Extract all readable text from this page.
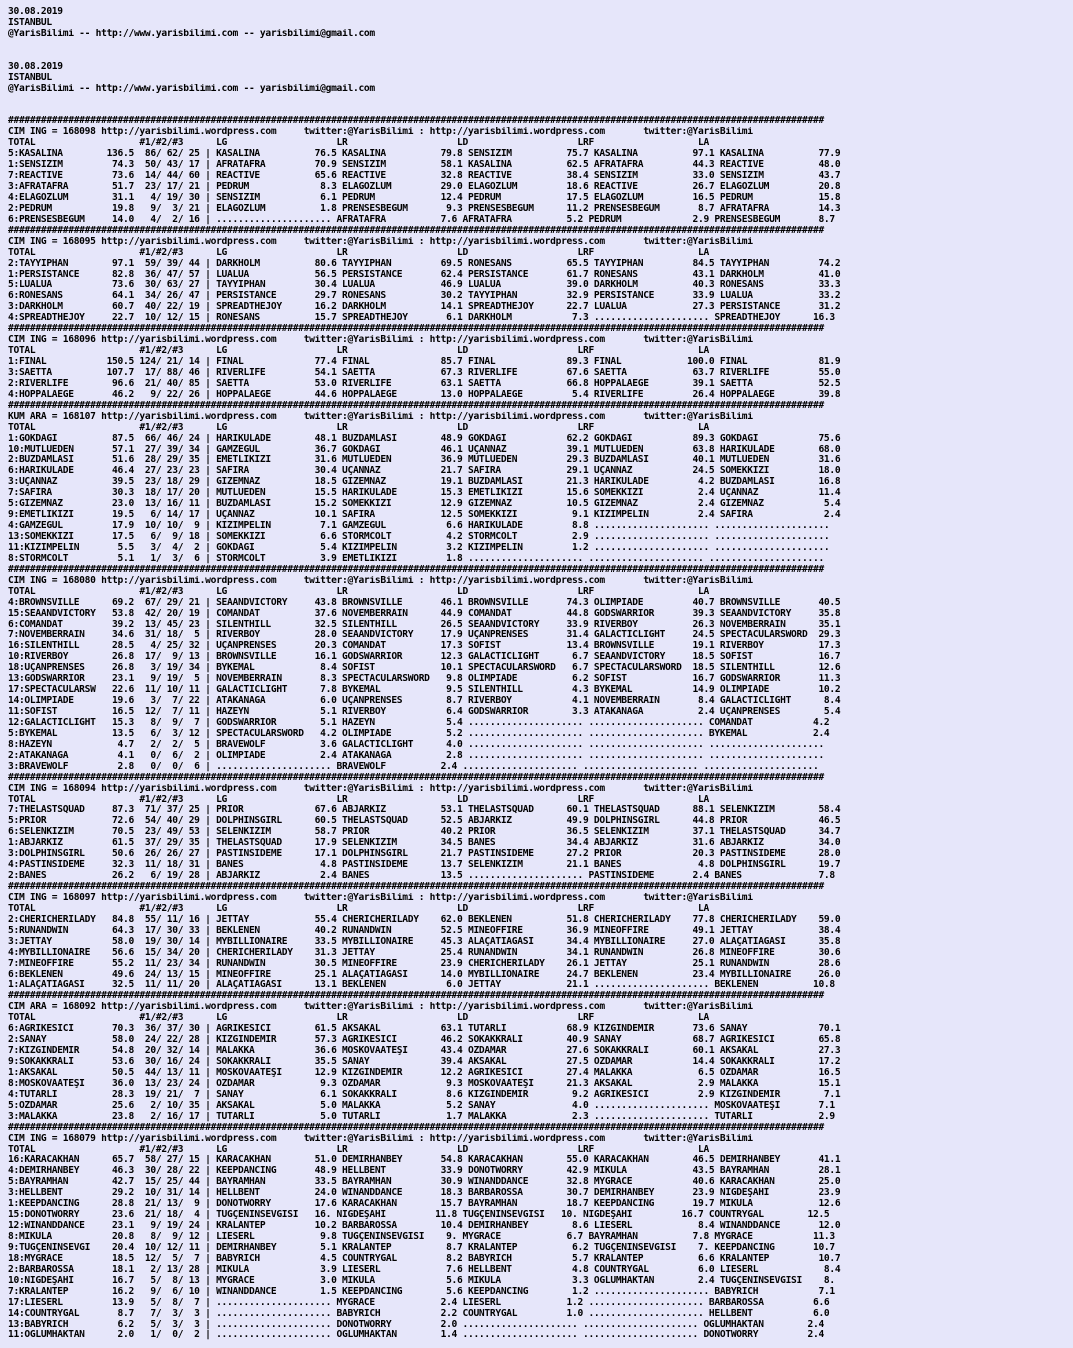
30.08.2019
ISTANBUL
@YarisBilimi -- http://www.yarisbilimi.com -- yarisbilimi@gmail.com

30.08.2019
ISTANBUL
@YarisBilimi -- http://www.yarisbilimi.com -- yarisbilimi@gmail.com

#####################################################################################################################################################
CIM ING = 168098 http://yarisbilimi.wordpress.com     twitter:@YarisBilimi : http://yarisbilimi.wordpress.com       twitter:@YarisBilimi
TOTAL                   #1/#2/#3      LG                    LR                    LD                    LRF                   LA
5:KASALINA        136.5  86/ 62/ 25 | KASALINA          76.5 KASALINA          79.8 SENSİZİM          75.7 KASALINA          97.1 KASALINA          77.9
1:SENSİZİM         74.3  50/ 43/ 17 | AFRATAFRA         70.9 SENSİZİM          58.1 KASALINA          62.5 AFRATAFRA         44.3 REACTİVE          48.0
7:REACTİVE         73.6  14/ 44/ 60 | REACTİVE          65.6 REACTİVE          32.8 REACTİVE          38.4 SENSİZİM          33.0 SENSİZİM          43.7
3:AFRATAFRA        51.7  23/ 17/ 21 | PEDRUM             8.3 ELAGOZLUM         29.0 ELAGOZLUM         18.6 REACTİVE          26.7 ELAGOZLUM         20.8
4:ELAGOZLUM        31.1   4/ 19/ 30 | SENSİZİM           6.1 PEDRUM            12.4 PEDRUM            17.5 ELAGOZLUM         16.5 PEDRUM            15.8
2:PEDRUM           19.8   9/  3/ 21 | ELAGOZLUM          1.8 PRENSESBEGÜM       9.3 PRENSESBEGÜM      11.2 PRENSESBEGÜM       8.7 AFRATAFRA         14.3
6:PRENSESBEGÜM     14.0   4/  2/ 16 | ..................... AFRATAFRA          7.6 AFRATAFRA          5.2 PEDRUM             2.9 PRENSESBEGÜM       8.7
#####################################################################################################################################################
CIM ING = 168095 http://yarisbilimi.wordpress.com     twitter:@YarisBilimi : http://yarisbilimi.wordpress.com       twitter:@YarisBilimi
TOTAL                   #1/#2/#3      LG                    LR                    LD                    LRF                   LA
2:TAYYİPHAN        97.1  59/ 39/ 44 | DARKHOLM          80.6 TAYYİPHAN         69.5 RONESANS          65.5 TAYYİPHAN         84.5 TAYYİPHAN         74.2
1:PERSISTANCE      82.8  36/ 47/ 57 | LUALUA            56.5 PERSISTANCE       62.4 PERSISTANCE       61.7 RONESANS          43.1 DARKHOLM          41.0
5:LUALUA           73.6  30/ 63/ 27 | TAYYİPHAN         30.4 LUALUA            46.9 LUALUA            39.0 DARKHOLM          40.3 RONESANS          33.3
6:RONESANS         64.1  34/ 26/ 47 | PERSISTANCE       29.7 RONESANS          30.2 TAYYİPHAN         32.9 PERSISTANCE       33.9 LUALUA            33.2
3:DARKHOLM         60.7  40/ 22/ 19 | SPREADTHEJOY      16.2 DARKHOLM          14.1 SPREADTHEJOY      22.7 LUALUA            27.3 PERSISTANCE       31.2
4:SPREADTHEJOY     22.7  10/ 12/ 15 | RONESANS          15.7 SPREADTHEJOY       6.1 DARKHOLM           7.3 ..................... SPREADTHEJOY      16.3
#####################################################################################################################################################
CIM ING = 168096 http://yarisbilimi.wordpress.com     twitter:@YarisBilimi : http://yarisbilimi.wordpress.com       twitter:@YarisBilimi
TOTAL                   #1/#2/#3      LG                    LR                    LD                    LRF                   LA
1:FİNAL           150.5 124/ 21/ 14 | FİNAL             77.4 FİNAL             85.7 FİNAL             89.3 FİNAL            100.0 FİNAL             81.9
3:SAETTA          107.7  17/ 88/ 46 | RIVERLIFE         54.1 SAETTA            67.3 RIVERLIFE         67.6 SAETTA            63.7 RIVERLIFE         55.0
2:RIVERLIFE        96.6  21/ 40/ 85 | SAETTA            53.0 RIVERLIFE         63.1 SAETTA            66.8 HOPPALAEGE        39.1 SAETTA            52.5
4:HOPPALAEGE       46.2   9/ 22/ 26 | HOPPALAEGE        44.6 HOPPALAEGE        13.0 HOPPALAEGE         5.4 RIVERLIFE         26.4 HOPPALAEGE        39.8
#####################################################################################################################################################
KUM ARA = 168107 http://yarisbilimi.wordpress.com     twitter:@YarisBilimi : http://yarisbilimi.wordpress.com       twitter:@YarisBilimi
TOTAL                   #1/#2/#3      LG                    LR                    LD                    LRF                   LA
1:GÖKDAĞI          87.5  66/ 46/ 24 | HARİKULADE        48.1 BUZDAMLASI        48.9 GÖKDAĞI           62.2 GÖKDAĞI           89.3 GÖKDAĞI           75.6
10:MUTLUEDEN       57.1  27/ 39/ 34 | GAMZEGÜL          36.7 GÖKDAĞI           46.1 UÇANNAZ           39.1 MUTLUEDEN         63.8 HARİKULADE        68.0
2:BUZDAMLASI       51.6  28/ 29/ 35 | EMETLİKIZI        31.6 MUTLUEDEN         36.9 MUTLUEDEN         29.3 BUZDAMLASI        40.1 MUTLUEDEN         31.6
6:HARİKULADE       46.4  27/ 23/ 23 | SAFİRA            30.4 UÇANNAZ           21.7 SAFİRA            29.1 UÇANNAZ           24.5 SOMEKKIZI         18.0
3:UÇANNAZ          39.5  23/ 18/ 29 | GİZEMNAZ          18.5 GİZEMNAZ          19.1 BUZDAMLASI        21.3 HARİKULADE         4.2 BUZDAMLASI        16.8
7:SAFİRA           30.3  18/ 17/ 20 | MUTLUEDEN         15.5 HARİKULADE        15.3 EMETLİKIZI        15.6 SOMEKKIZI          2.4 UÇANNAZ           11.4
5:GİZEMNAZ         23.0  13/ 16/ 11 | BUZDAMLASI        15.2 SOMEKKIZI         12.9 GİZEMNAZ          10.5 GİZEMNAZ           2.4 GİZEMNAZ           5.4
9:EMETLİKIZI       19.5   6/ 14/ 17 | UÇANNAZ           10.1 SAFİRA            12.5 SOMEKKIZI          9.1 KIZIMPELİN         2.4 SAFİRA             2.4
4:GAMZEGÜL         17.9  10/ 10/  9 | KIZIMPELİN         7.1 GAMZEGÜL           6.6 HARİKULADE         8.8 ..................... .....................
13:SOMEKKIZI       17.5   6/  9/ 18 | SOMEKKIZI          6.6 STORMCOLT          4.2 STORMCOLT          2.9 ..................... .....................
11:KIZIMPELİN       5.5   3/  4/  2 | GÖKDAĞI            5.4 KIZIMPELİN         3.2 KIZIMPELİN         1.2 ..................... .....................
8:STORMCOLT         5.1   1/  3/  6 | STORMCOLT          3.9 EMETLİKIZI         1.8 ..................... ..................... .....................
#####################################################################################################################################################
CIM ING = 168080 http://yarisbilimi.wordpress.com     twitter:@YarisBilimi : http://yarisbilimi.wordpress.com       twitter:@YarisBilimi
TOTAL                   #1/#2/#3      LG                    LR                    LD                    LRF                   LA
4:BROWNSVILLE      69.2  67/ 29/ 21 | SEAANDVICTORY     43.8 BROWNSVILLE       46.1 BROWNSVILLE       74.3 OLIMPIADE         40.7 BROWNSVILLE       40.5
15:SEAANDVICTORY   53.8  42/ 20/ 19 | COMANDAT          37.6 NOVEMBERRAIN      44.9 COMANDAT          44.8 GODSWARRIOR       39.3 SEAANDVICTORY     35.8
6:COMANDAT         39.2  13/ 45/ 23 | SILENTHILL        32.5 SILENTHILL        26.5 SEAANDVICTORY     33.9 RIVERBOY          26.3 NOVEMBERRAIN      35.1
7:NOVEMBERRAIN     34.6  31/ 18/  5 | RIVERBOY          28.0 SEAANDVICTORY     17.9 UÇANPRENSES       31.4 GALACTICLIGHT     24.5 SPECTACULARSWORD  29.3
16:SILENTHILL      28.5   4/ 25/ 32 | UÇANPRENSES       20.3 COMANDAT          17.3 SOFİST            13.4 BROWNSVILLE       19.1 RIVERBOY          17.3
10:RIVERBOY        26.8  17/  9/ 13 | BROWNSVILLE       16.1 GODSWARRIOR       12.3 GALACTICLIGHT      6.7 SEAANDVICTORY     18.5 SOFİST            16.7
18:UÇANPRENSES     26.8   3/ 19/ 34 | BYKEMAL            8.4 SOFİST            10.1 SPECTACULARSWORD   6.7 SPECTACULARSWORD  18.5 SILENTHILL        12.6
13:GODSWARRIOR     23.1   9/ 19/  5 | NOVEMBERRAIN       8.3 SPECTACULARSWORD   9.8 OLIMPIADE          6.2 SOFİST            16.7 GODSWARRIOR       11.3
17:SPECTACULARSW   22.6  11/ 10/ 11 | GALACTICLIGHT      7.8 BYKEMAL            9.5 SILENTHILL         4.3 BYKEMAL           14.9 OLIMPIADE         10.2
14:OLIMPIADE       19.6   3/  7/ 22 | ATAKANAĞA          6.0 UÇANPRENSES        8.7 RIVERBOY           4.1 NOVEMBERRAIN       8.4 GALACTICLIGHT      8.4
11:SOFİST          16.5  12/  7/ 11 | HAZEYN             5.1 RIVERBOY           6.4 GODSWARRIOR        3.3 ATAKANAĞA          2.4 UÇANPRENSES        5.4
12:GALACTICLIGHT   15.3   8/  9/  7 | GODSWARRIOR        5.1 HAZEYN             5.4 ..................... ..................... COMANDAT           4.2
5:BYKEMAL          13.5   6/  3/ 12 | SPECTACULARSWORD   4.2 OLIMPIADE          5.2 ..................... ..................... BYKEMAL            2.4
8:HAZEYN            4.7   2/  2/  5 | BRAVEWOLF          3.6 GALACTICLIGHT      4.0 ..................... ..................... .....................
2:ATAKANAĞA         4.1   0/  6/  2 | OLIMPIADE          2.4 ATAKANAĞA          2.8 ..................... ..................... .....................
3:BRAVEWOLF         2.8   0/  0/  6 | ..................... BRAVEWOLF          2.4 ..................... ..................... .....................
#####################################################################################################################################################
CIM ING = 168094 http://yarisbilimi.wordpress.com     twitter:@YarisBilimi : http://yarisbilimi.wordpress.com       twitter:@YarisBilimi
TOTAL                   #1/#2/#3      LG                    LR                    LD                    LRF                   LA
7:THELASTSQUAD     87.3  71/ 37/ 25 | PRIOR             67.6 ABJARKIZ          53.1 THELASTSQUAD      60.1 THELASTSQUAD      88.1 SELENKIZIM        58.4
5:PRIOR            72.6  54/ 40/ 29 | DOLPHINSGIRL      60.5 THELASTSQUAD      52.5 ABJARKIZ          49.9 DOLPHINSGIRL      44.8 PRIOR             46.5
6:SELENKIZIM       70.5  23/ 49/ 53 | SELENKIZIM        58.7 PRIOR             40.2 PRIOR             36.5 SELENKIZIM        37.1 THELASTSQUAD      34.7
1:ABJARKIZ         61.5  37/ 29/ 35 | THELASTSQUAD      17.9 SELENKIZIM        34.5 BANES             34.4 ABJARKIZ          31.6 ABJARKIZ          34.0
3:DOLPHINSGIRL     50.6  26/ 26/ 27 | PASTINSIDEME      17.1 DOLPHINSGIRL      21.7 PASTINSIDEME      27.2 PRIOR             20.3 PASTINSIDEME      28.0
4:PASTINSIDEME     32.3  11/ 18/ 31 | BANES              4.8 PASTINSIDEME      13.7 SELENKIZIM        21.1 BANES              4.8 DOLPHINSGIRL      19.7
2:BANES            26.2   6/ 19/ 28 | ABJARKIZ           2.4 BANES             13.5 ..................... PASTINSIDEME       2.4 BANES              7.8
#####################################################################################################################################################
CIM ING = 168097 http://yarisbilimi.wordpress.com     twitter:@YarisBilimi : http://yarisbilimi.wordpress.com       twitter:@YarisBilimi
TOTAL                   #1/#2/#3      LG                    LR                    LD                    LRF                   LA
2:CHERICHERILADY   84.8  55/ 11/ 16 | JETTAY            55.4 CHERICHERILADY    62.0 BEKLENEN          51.8 CHERICHERILADY    77.8 CHERICHERILADY    59.0
5:RUNANDWIN        64.3  17/ 30/ 33 | BEKLENEN          40.2 RUNANDWIN         52.5 MINEOFFİRE        36.9 MINEOFFİRE        49.1 JETTAY            38.4
3:JETTAY           58.0  19/ 30/ 14 | MYBILLIONAIRE     33.5 MYBILLIONAIRE     45.3 ALAÇATIAĞASI      34.4 MYBILLIONAIRE     27.0 ALAÇATIAĞASI      35.8
4:MYBILLIONAIRE    56.6  15/ 34/ 20 | CHERICHERILADY    31.3 JETTAY            25.4 RUNANDWIN         34.1 RUNANDWIN         26.8 MINEOFFİRE        30.6
7:MINEOFFİRE       55.2  11/ 23/ 34 | RUNANDWIN         30.5 MINEOFFİRE        23.9 CHERICHERILADY    26.1 JETTAY            25.1 RUNANDWIN         28.6
6:BEKLENEN         49.6  24/ 13/ 15 | MINEOFFİRE        25.1 ALAÇATIAĞASI      14.0 MYBILLIONAIRE     24.7 BEKLENEN          23.4 MYBILLIONAIRE     26.0
1:ALAÇATIAĞASI     32.5  11/ 11/ 20 | ALAÇATIAĞASI      13.1 BEKLENEN           6.0 JETTAY            21.1 ..................... BEKLENEN          10.8
#####################################################################################################################################################
CIM ARA = 168092 http://yarisbilimi.wordpress.com     twitter:@YarisBilimi : http://yarisbilimi.wordpress.com       twitter:@YarisBilimi
TOTAL                   #1/#2/#3      LG                    LR                    LD                    LRF                   LA
6:AĞRIKESİCİ       70.3  36/ 37/ 30 | AĞRIKESİCİ        61.5 AKSAKAL           63.1 TUTARLI           68.9 KIZGINDEMİR       73.6 SANAY             70.1
2:SANAY            58.0  24/ 22/ 28 | KIZGINDEMİR       57.3 AĞRIKESİCİ        46.2 SOKAKKRALI        40.9 SANAY             68.7 AĞRIKESİCİ        65.8
7:KIZGINDEMİR      54.8  20/ 32/ 14 | MALAKKA           36.6 MOSKOVAATEŞİ      43.4 ÖZDAMAR           27.6 SOKAKKRALI        60.1 AKSAKAL           27.3
9:SOKAKKRALI       53.6  30/ 16/ 24 | SOKAKKRALI        35.5 SANAY             39.4 AKSAKAL           27.5 ÖZDAMAR           14.4 SOKAKKRALI        17.2
1:AKSAKAL          50.5  44/ 13/ 11 | MOSKOVAATEŞİ      12.9 KIZGINDEMİR       12.2 AĞRIKESİCİ        27.4 MALAKKA            6.5 ÖZDAMAR           16.5
8:MOSKOVAATEŞİ     36.0  13/ 23/ 24 | ÖZDAMAR            9.3 ÖZDAMAR            9.3 MOSKOVAATEŞİ      21.3 AKSAKAL            2.9 MALAKKA           15.1
4:TUTARLI          28.3  19/ 21/  7 | SANAY              6.1 SOKAKKRALI         8.6 KIZGINDEMİR        9.2 AĞRIKESİCİ         2.9 KIZGINDEMİR        7.1
5:ÖZDAMAR          25.6   2/ 10/ 35 | AKSAKAL            5.0 MALAKKA            5.2 SANAY              4.0 ..................... MOSKOVAATEŞİ       7.1
3:MALAKKA          23.8   2/ 16/ 17 | TUTARLI            5.0 TUTARLI            1.7 MALAKKA            2.3 ..................... TUTARLI            2.9
#####################################################################################################################################################
CIM ING = 168079 http://yarisbilimi.wordpress.com     twitter:@YarisBilimi : http://yarisbilimi.wordpress.com       twitter:@YarisBilimi
TOTAL                   #1/#2/#3      LG                    LR                    LD                    LRF                   LA
16:KARACAKHAN      65.7  58/ 27/ 15 | KARACAKHAN        51.0 DEMİRHANBEY       54.8 KARACAKHAN        55.0 KARACAKHAN        46.5 DEMİRHANBEY       41.1
4:DEMİRHANBEY      46.3  30/ 28/ 22 | KEEPDANCING       48.9 HELLBENT          33.9 DONOTWORRY        42.9 MIKULA            43.5 BAYRAMHAN         28.1
5:BAYRAMHAN        42.7  15/ 25/ 44 | BAYRAMHAN         33.5 BAYRAMHAN         30.9 WINANDDANCE       32.8 MYGRACE           40.6 KARACAKHAN        25.0
3:HELLBENT         29.2  10/ 31/ 14 | HELLBENT          24.0 WINANDDANCE       18.3 BARBAROSSA        30.7 DEMİRHANBEY       23.9 NİGDEŞAHI         23.9
1:KEEPDANCING      28.8  21/ 13/  9 | DONOTWORRY        17.6 KARACAKHAN        15.7 BAYRAMHAN         18.7 KEEPDANCING       19.7 MIKULA            12.6
15:DONOTWORRY      23.6  21/ 18/  4 | TUĞÇENİNSEVGİSİ   16. NİGDEŞAHI         11.8 TUĞÇENİNSEVGİSİ   10. NİGDEŞAHI         16.7 COUNTRYGAL        12.5
12:WINANDDANCE     23.1   9/ 19/ 24 | KRALANTEP         10.2 BARBAROSSA        10.4 DEMİRHANBEY        8.6 LIESERL            8.4 WINANDDANCE       12.0
8:MIKULA           20.8   8/  9/ 12 | LIESERL            9.8 TUĞÇENİNSEVGİSİ    9. MYGRACE            6.7 BAYRAMHAN          7.8 MYGRACE           11.3
9:TUĞÇENİNSEVGİ    20.4  10/ 12/ 11 | DEMİRHANBEY        5.1 KRALANTEP          8.7 KRALANTEP          6.2 TUĞÇENİNSEVGİSİ    7. KEEPDANCING       10.7
18:MYGRACE         18.5  12/  5/  7 | BABYRICH           4.5 COUNTRYGAL         8.2 BABYRICH           5.7 KRALANTEP          6.6 KRALANTEP         10.7
2:BARBAROSSA       18.1   2/ 13/ 28 | MIKULA             3.9 LIESERL            7.6 HELLBENT           4.8 COUNTRYGAL         6.0 LIESERL            8.4
10:NİGDEŞAHI       16.7   5/  8/ 13 | MYGRACE            3.0 MIKULA             5.6 MIKULA             3.3 OĞLUMHAKTAN        2.4 TUĞÇENİNSEVGİSİ    8.
7:KRALANTEP        16.2   9/  6/ 10 | WINANDDANCE        1.5 KEEPDANCING        5.6 KEEPDANCING        1.2 ..................... BABYRICH           7.1
17:LIESERL         13.9   5/  8/  7 | ..................... MYGRACE            2.4 LIESERL            1.2 ..................... BARBAROSSA         6.6
14:COUNTRYGAL       8.7   7/  3/  3 | ..................... BABYRICH           2.2 COUNTRYGAL         1.0 ..................... HELLBENT           6.0
13:BABYRICH         6.2   5/  3/  3 | ..................... DONOTWORRY         2.0 ..................... ..................... OĞLUMHAKTAN        2.4
11:OĞLUMHAKTAN      2.0   1/  0/  2 | ..................... OĞLUMHAKTAN        1.4 ..................... ..................... DONOTWORRY         2.4
